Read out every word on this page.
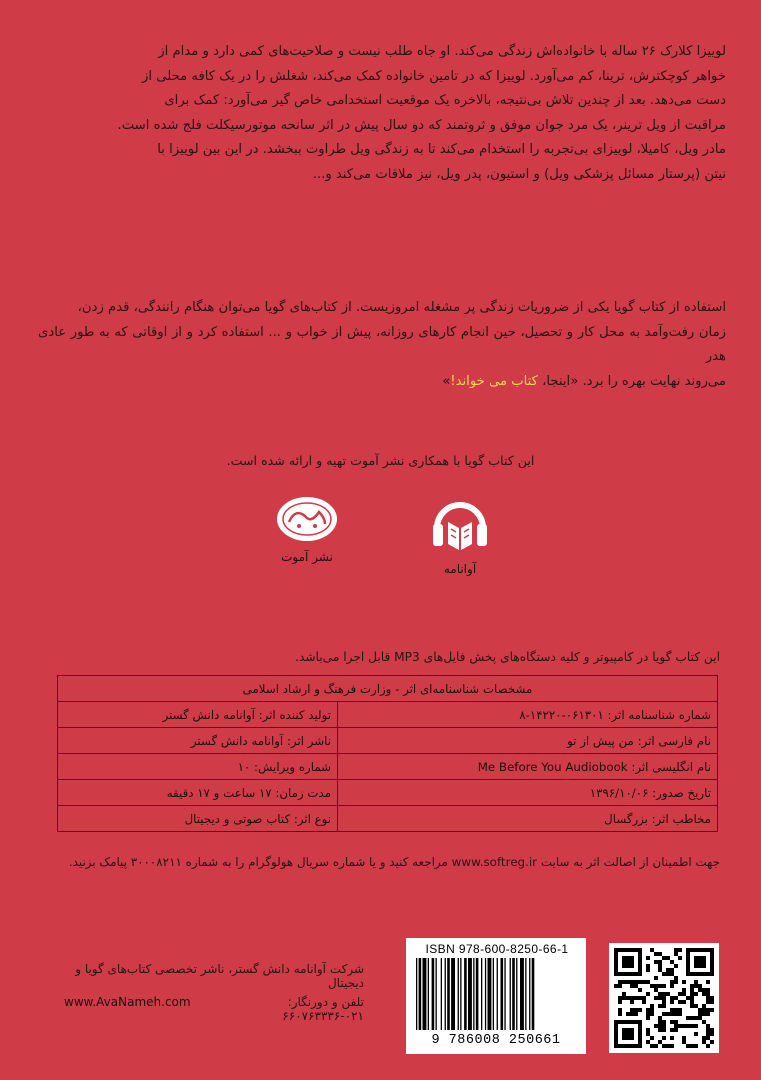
لوییزا کلارک ۲۶ ساله با خانواده‌اش زندگی می‌کند. او جاه طلب نیست و صلاحیت‌های کمی دارد و مدام از
خواهر کوچکترش، ترینا، کم می‌آورد. لوییزا که در تامین خانواده کمک می‌کند، شغلش را در یک کافه محلی از
دست می‌دهد. بعد از چندین تلاش بی‌نتیجه، بالاخره یک موقعیت استخدامی خاص گیر می‌آورد: کمک برای
مراقبت از ویل ترینر، یک مرد جوان موفق و ثروتمند که دو سال پیش در اثر سانحه موتورسیکلت فلج شده است.
مادر ویل، کامیلا، لوییزای بی‌تجربه را استخدام می‌کند تا به زندگی ویل طراوت ببخشد. در این بین لوییزا با
نیتن (پرستار مسائل پزشکی ویل) و استیون، پدر ویل، نیز ملاقات می‌کند و...
استفاده از کتاب گویا یکی از ضروریات زندگی پر مشغله امروزیست. از کتاب‌های گویا می‌توان هنگام رانندگی، قدم زدن،
زمان رفت‌وآمد به محل کار و تحصیل، حین انجام کارهای روزانه، پیش از خواب و ... استفاده کرد و از اوقاتی که به طور عادی هدر
می‌روند نهایت بهره را برد. «اینجا، کتاب می خواند!»
این کتاب گویا با همکاری نشر آموت تهیه و ارائه شده است.
آوانامه
نشر آموت
این کتاب گویا در کامپیوتر و کلیه دستگاه‌های پخش فایل‌های MP3 قابل اجرا می‌باشد.
مشخصات شناسنامه‌ای اثر - وزارت فرهنگ و ارشاد اسلامی	
شماره شناسنامه اثر: ۰۶۱۳۰۱-۱۴۲۲۰-۸	تولید کننده اثر: آوانامه دانش گستر
نام فارسی اثر: من پیش از تو	ناشر اثر: آوانامه دانش گستر
نام انگلیسی اثر: Me Before You Audiobook	شماره ویرایش: ۱۰
تاریخ صدور: ۱۳۹۶/۱۰/۰۶	مدت زمان: ۱۷ ساعت و ۱۷ دقیقه
مخاطب اثر: بزرگسال	نوع اثر: کتاب صوتی و دیجیتال
جهت اطمینان از اصالت اثر به سایت www.softreg.ir مراجعه کنید و یا شماره سریال هولوگرام را به شماره ۳۰۰۰۸۲۱۱ پیامک بزنید.
شرکت آوانامه دانش گستر، ناشر تخصصی کتاب‌های گویا و دیجیتال
تلفن و دورنگار: ۰۲۱-۶۶۰۷۶۳۳۳۶
www.AvaNameh.com
ISBN 978-600-8250-66-1
9 786008 250661
